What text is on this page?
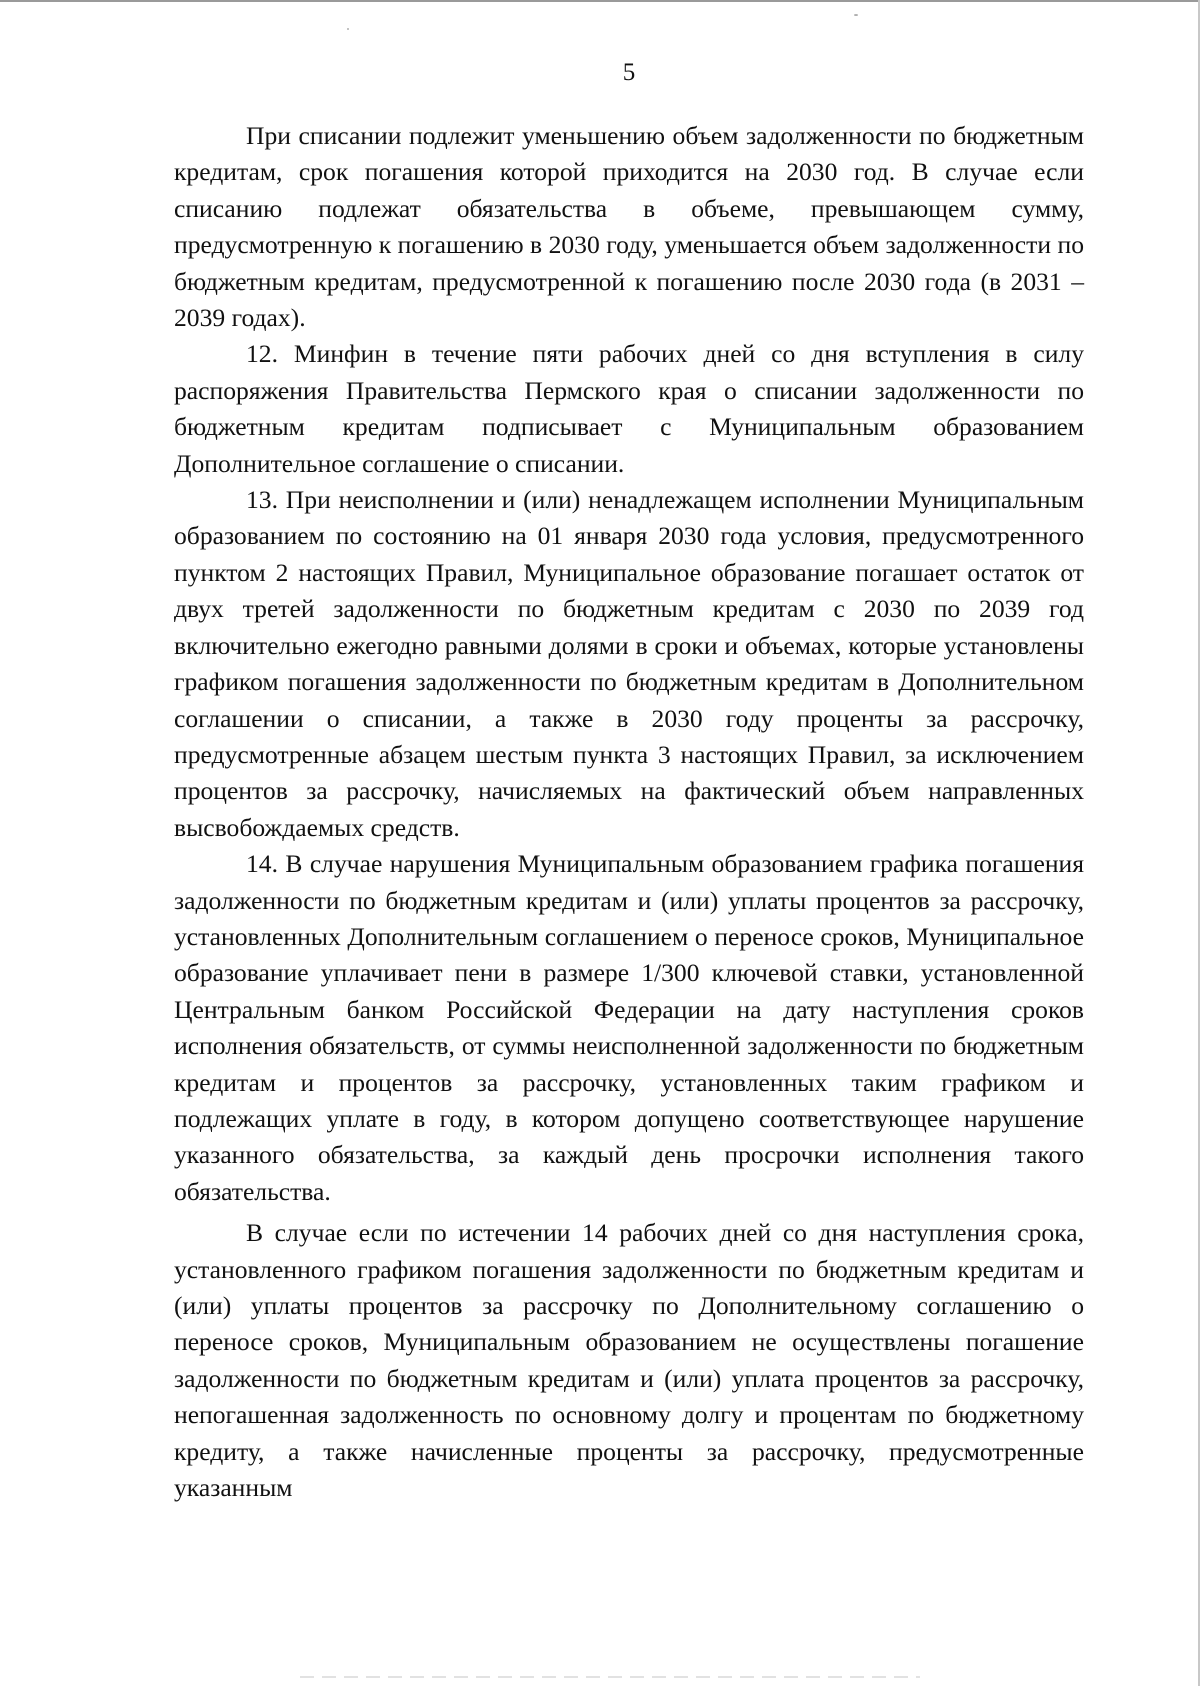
5

При списании подлежит уменьшению объем задолженности по бюджетным кредитам, срок погашения которой приходится на 2030 год. В случае если списанию подлежат обязательства в объеме, превышающем сумму, предусмотренную к погашению в 2030 году, уменьшается объем задолженности по бюджетным кредитам, предусмотренной к погашению после 2030 года (в 2031 – 2039 годах).

12. Минфин в течение пяти рабочих дней со дня вступления в силу распоряжения Правительства Пермского края о списании задолженности по бюджетным кредитам подписывает с Муниципальным образованием Дополнительное соглашение о списании.

13. При неисполнении и (или) ненадлежащем исполнении Муниципальным образованием по состоянию на 01 января 2030 года условия, предусмотренного пунктом 2 настоящих Правил, Муниципальное образование погашает остаток от двух третей задолженности по бюджетным кредитам с 2030 по 2039 год включительно ежегодно равными долями в сроки и объемах, которые установлены графиком погашения задолженности по бюджетным кредитам в Дополнительном соглашении о списании, а также в 2030 году проценты за рассрочку, предусмотренные абзацем шестым пункта 3 настоящих Правил, за исключением процентов за рассрочку, начисляемых на фактический объем направленных высвобождаемых средств.

14. В случае нарушения Муниципальным образованием графика погашения задолженности по бюджетным кредитам и (или) уплаты процентов за рассрочку, установленных Дополнительным соглашением о переносе сроков, Муниципальное образование уплачивает пени в размере 1/300 ключевой ставки, установленной Центральным банком Российской Федерации на дату наступления сроков исполнения обязательств, от суммы неисполненной задолженности по бюджетным кредитам и процентов за рассрочку, установленных таким графиком и подлежащих уплате в году, в котором допущено соответствующее нарушение указанного обязательства, за каждый день просрочки исполнения такого обязательства.

В случае если по истечении 14 рабочих дней со дня наступления срока, установленного графиком погашения задолженности по бюджетным кредитам и (или) уплаты процентов за рассрочку по Дополнительному соглашению о переносе сроков, Муниципальным образованием не осуществлены погашение задолженности по бюджетным кредитам и (или) уплата процентов за рассрочку, непогашенная задолженность по основному долгу и процентам по бюджетному кредиту, а также начисленные проценты за рассрочку, предусмотренные указанным
